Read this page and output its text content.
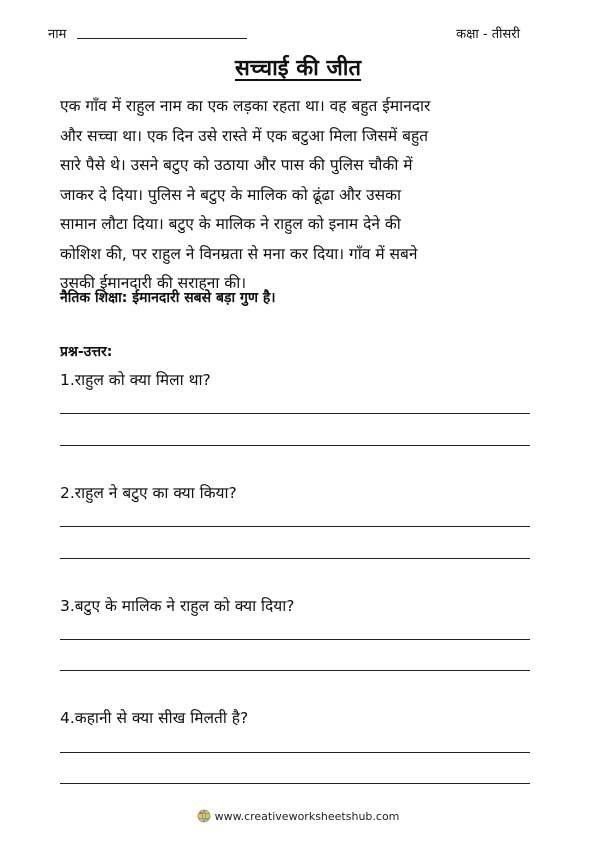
नाम	कक्षा - तीसरी
सच्चाई की जीत
एक गाँव में राहुल नाम का एक लड़का रहता था। वह बहुत ईमानदार
और सच्चा था। एक दिन उसे रास्ते में एक बटुआ मिला जिसमें बहुत
सारे पैसे थे। उसने बटुए को उठाया और पास की पुलिस चौकी में
जाकर दे दिया। पुलिस ने बटुए के मालिक को ढूंढा और उसका
सामान लौटा दिया। बटुए के मालिक ने राहुल को इनाम देने की
कोशिश की, पर राहुल ने विनम्रता से मना कर दिया। गाँव में सबने
उसकी ईमानदारी की सराहना की।
नैतिक शिक्षा: ईमानदारी सबसे बड़ा गुण है।
प्रश्न-उत्तर:
1.राहुल को क्या मिला था?
2.राहुल ने बटुए का क्या किया?
3.बटुए के मालिक ने राहुल को क्या दिया?
4.कहानी से क्या सीख मिलती है?
www.creativeworksheetshub.com
